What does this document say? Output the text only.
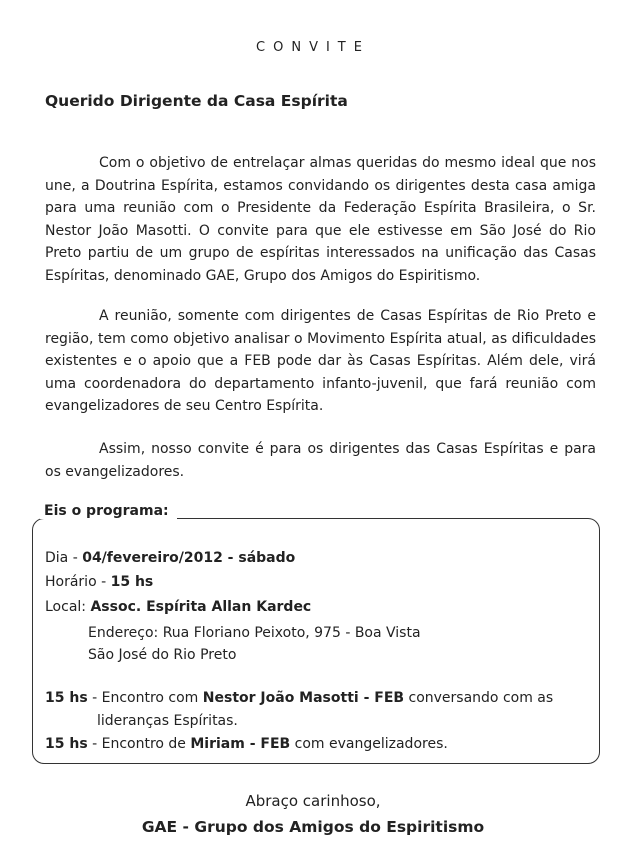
CONVITE
Querido Dirigente da Casa Espírita
Com o objetivo de entrelaçar almas queridas do mesmo ideal que nos une, a Doutrina Espírita, estamos convidando os dirigentes desta casa amiga para uma reunião com o Presidente da Federação Espírita Brasileira, o Sr. Nestor João Masotti. O convite para que ele estivesse em São José do Rio Preto partiu de um grupo de espíritas interessados na unificação das Casas Espíritas, denominado GAE, Grupo dos Amigos do Espiritismo.
A reunião, somente com dirigentes de Casas Espíritas de Rio Preto e região, tem como objetivo analisar o Movimento Espírita atual, as dificuldades existentes e o apoio que a FEB pode dar às Casas Espíritas. Além dele, virá uma coordenadora do departamento infanto-juvenil, que fará reunião com evangelizadores de seu Centro Espírita.
Assim, nosso convite é para os dirigentes das Casas Espíritas e para os evangelizadores.
Eis o programa:
Dia - 04/fevereiro/2012 - sábado
Horário - 15 hs
Local: Assoc. Espírita Allan Kardec
Endereço: Rua Floriano Peixoto, 975 - Boa Vista
São José do Rio Preto
15 hs - Encontro com Nestor João Masotti - FEB conversando com as
lideranças Espíritas.
15 hs - Encontro de Miriam - FEB com evangelizadores.
Abraço carinhoso,
GAE - Grupo dos Amigos do Espiritismo
